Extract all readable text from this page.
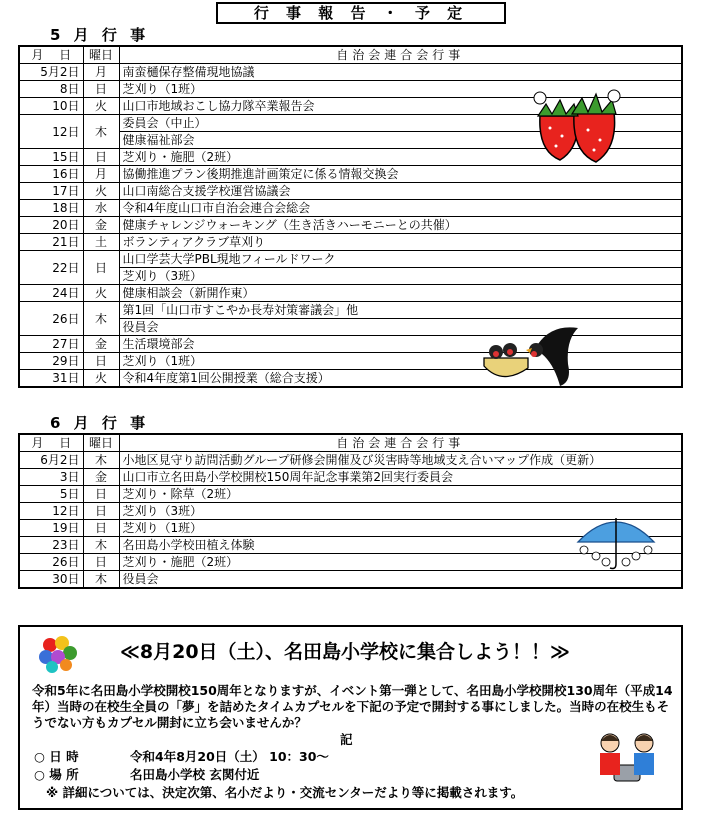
行 事 報 告 ・ 予 定
5 月 行 事
月　 日	曜日	自治会連合会行事
5月2日	月	南蛮樋保存整備現地協議
8日	日	芝刈り（1班）
10日	火	山口市地域おこし協力隊卒業報告会
12日	木	委員会（中止）
		健康福祉部会
15日	日	芝刈り・施肥（2班）
16日	月	協働推進プラン後期推進計画策定に係る情報交換会
17日	火	山口南総合支援学校運営協議会
18日	水	令和4年度山口市自治会連合会総会
20日	金	健康チャレンジウォーキング（生き活きハーモニーとの共催）
21日	土	ボランティアクラブ草刈り
22日	日	山口学芸大学PBL現地フィールドワーク
		芝刈り（3班）
24日	火	健康相談会（新開作東）
26日	木	第1回「山口市すこやか長寿対策審議会」他
		役員会
27日	金	生活環境部会
29日	日	芝刈り（1班）
31日	火	令和4年度第1回公開授業（総合支援）
6 月 行 事
月　 日	曜日	自治会連合会行事
6月2日	木	小地区見守り訪問活動グループ研修会開催及び災害時等地域支え合いマップ作成（更新）
3日	金	山口市立名田島小学校開校150周年記念事業第2回実行委員会
5日	日	芝刈り・除草（2班）
12日	日	芝刈り（3班）
19日	日	芝刈り（1班）
23日	木	名田島小学校田植え体験
26日	日	芝刈り・施肥（2班）
30日	木	役員会
≪8月20日（土）、名田島小学校に集合しよう！！≫
令和5年に名田島小学校開校150周年となりますが、イベント第一弾として、名田島小学校開校130周年（平成14年）当時の在校生全員の「夢」を詰めたタイムカプセルを下記の予定で開封する事にしました。当時の在校生もそうでない方もカプセル開封に立ち会いませんか？
記
○ 日 時	令和4年8月20日（土） 10：30～
○ 場 所	名田島小学校 玄関付近
※ 詳細については、決定次第、名小だより・交流センターだより等に掲載されます。
